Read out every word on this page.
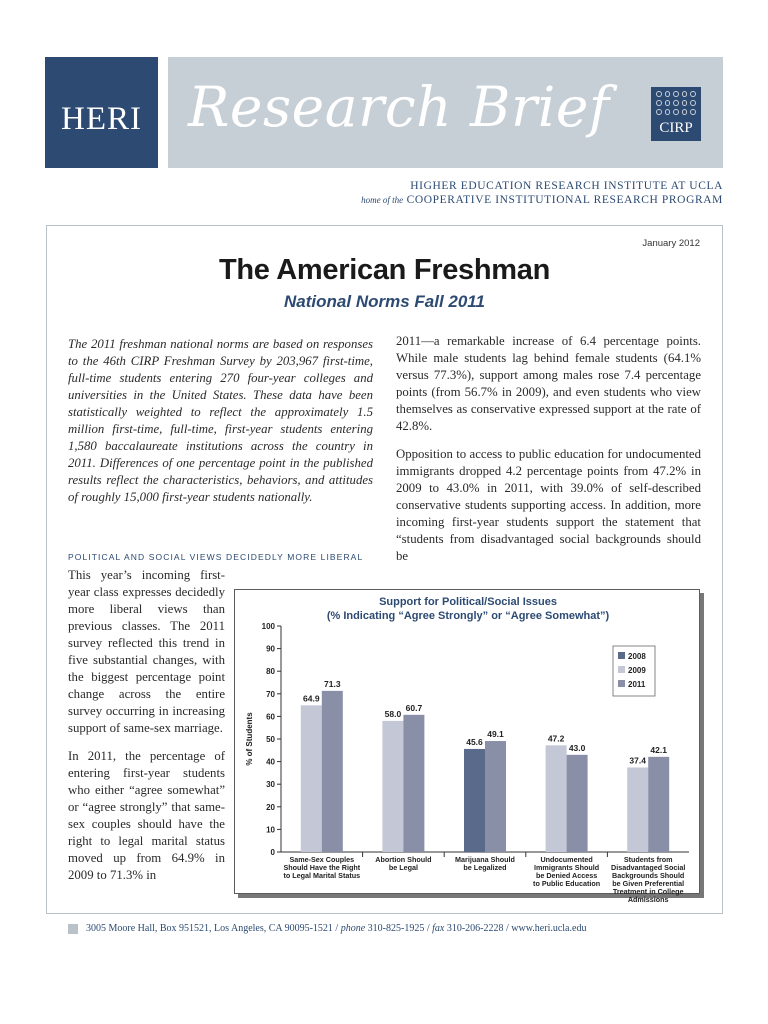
HERI Research Brief	CIRP
HIGHER EDUCATION RESEARCH INSTITUTE AT UCLA
home of the COOPERATIVE INSTITUTIONAL RESEARCH PROGRAM
January 2012
The American Freshman
National Norms Fall 2011
The 2011 freshman national norms are based on responses to the 46th CIRP Freshman Survey by 203,967 first-time, full-time students entering 270 four-year colleges and universities in the United States. These data have been statistically weighted to reflect the approximately 1.5 million first-time, full-time, first-year students entering 1,580 baccalaureate institutions across the country in 2011. Differences of one percentage point in the published results reflect the characteristics, behaviors, and attitudes of roughly 15,000 first-year students nationally.

2011—a remarkable increase of 6.4 percentage points. While male students lag behind female students (64.1% versus 77.3%), support among males rose 7.4 percentage points (from 56.7% in 2009), and even students who view themselves as conservative expressed support at the rate of 42.8%.

Opposition to access to public education for undocumented immigrants dropped 4.2 percentage points from 47.2% in 2009 to 43.0% in 2011, with 39.0% of self-described conservative students supporting access. In addition, more incoming first-year students support the statement that “students from disadvantaged social backgrounds should be

POLITICAL AND SOCIAL VIEWS DECIDEDLY MORE LIBERAL

This year’s incoming first-year class expresses decidedly more liberal views than previous classes. The 2011 survey reflected this trend in five substantial changes, with the biggest percentage point change across the entire survey occurring in increasing support of same-sex marriage.

In 2011, the percentage of entering first-year students who either “agree somewhat” or “agree strongly” that same-sex couples should have the right to legal marital status moved up from 64.9% in 2009 to 71.3% in

Support for Political/Social Issues
(% Indicating “Agree Strongly” or “Agree Somewhat”)
0
10
20
30
40
50
60
70
80
90
100
% of Students
64.9
71.3
Same-Sex Couples
Should Have the Right
to Legal Marital Status
58.0
60.7
Abortion Should
be Legal
45.6
49.1
Marijuana Should
be Legalized
47.2
43.0
Undocumented
Immigrants Should
be Denied Access
to Public Education
37.4
42.1
Students from
Disadvantaged Social
Backgrounds Should
be Given Preferential
Treatment in College
Admissions
2008
2009
2011
3005 Moore Hall, Box 951521, Los Angeles, CA 90095-1521 / phone 310-825-1925 / fax 310-206-2228 / www.heri.ucla.edu
